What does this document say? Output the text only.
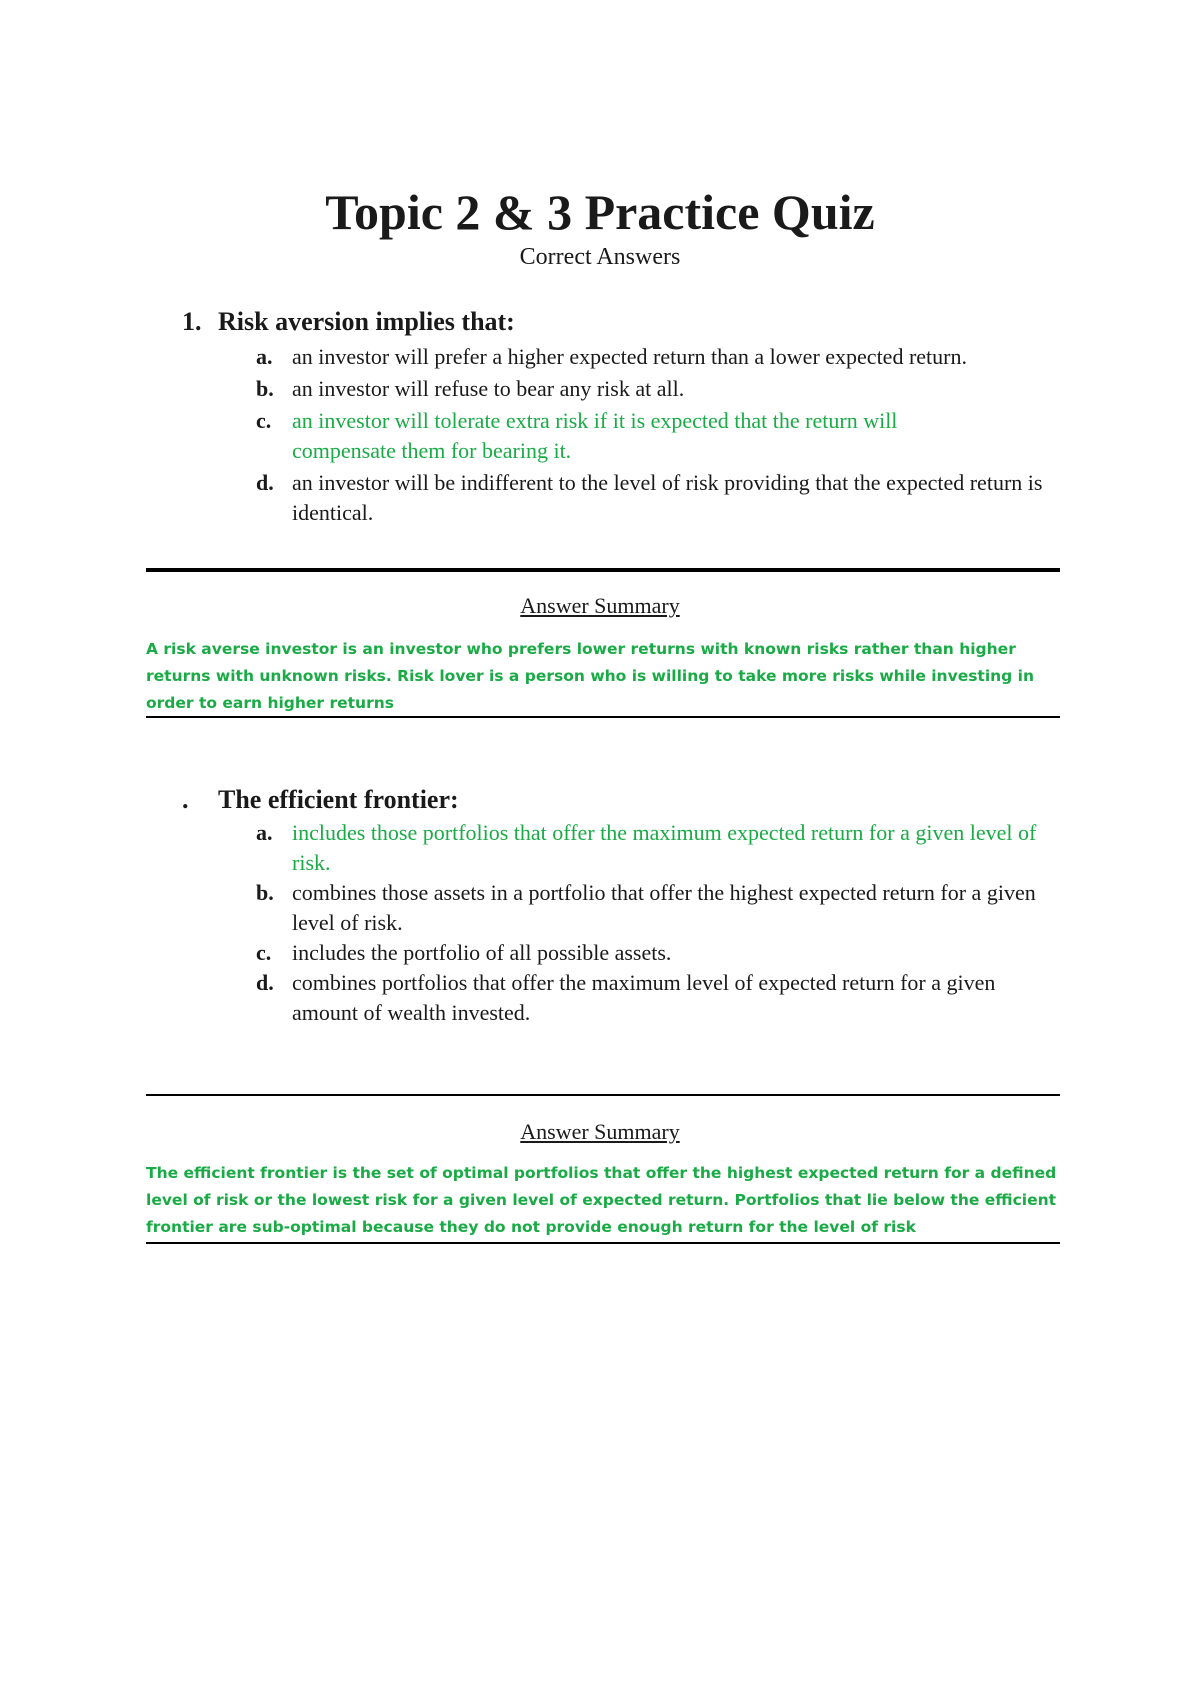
Topic 2 & 3 Practice Quiz
Correct Answers
1. Risk aversion implies that:
a. an investor will prefer a higher expected return than a lower expected return.
b. an investor will refuse to bear any risk at all.
c. an investor will tolerate extra risk if it is expected that the return will compensate them for bearing it.
d. an investor will be indifferent to the level of risk providing that the expected return is identical.
Answer Summary
A risk averse investor is an investor who prefers lower returns with known risks rather than higher returns with unknown risks. Risk lover is a person who is willing to take more risks while investing in order to earn higher returns
.	The efficient frontier:
a. includes those portfolios that offer the maximum expected return for a given level of risk.
b. combines those assets in a portfolio that offer the highest expected return for a given level of risk.
c. includes the portfolio of all possible assets.
d. combines portfolios that offer the maximum level of expected return for a given amount of wealth invested.
Answer Summary
The efficient frontier is the set of optimal portfolios that offer the highest expected return for a defined level of risk or the lowest risk for a given level of expected return. Portfolios that lie below the efficient frontier are sub-optimal because they do not provide enough return for the level of risk
